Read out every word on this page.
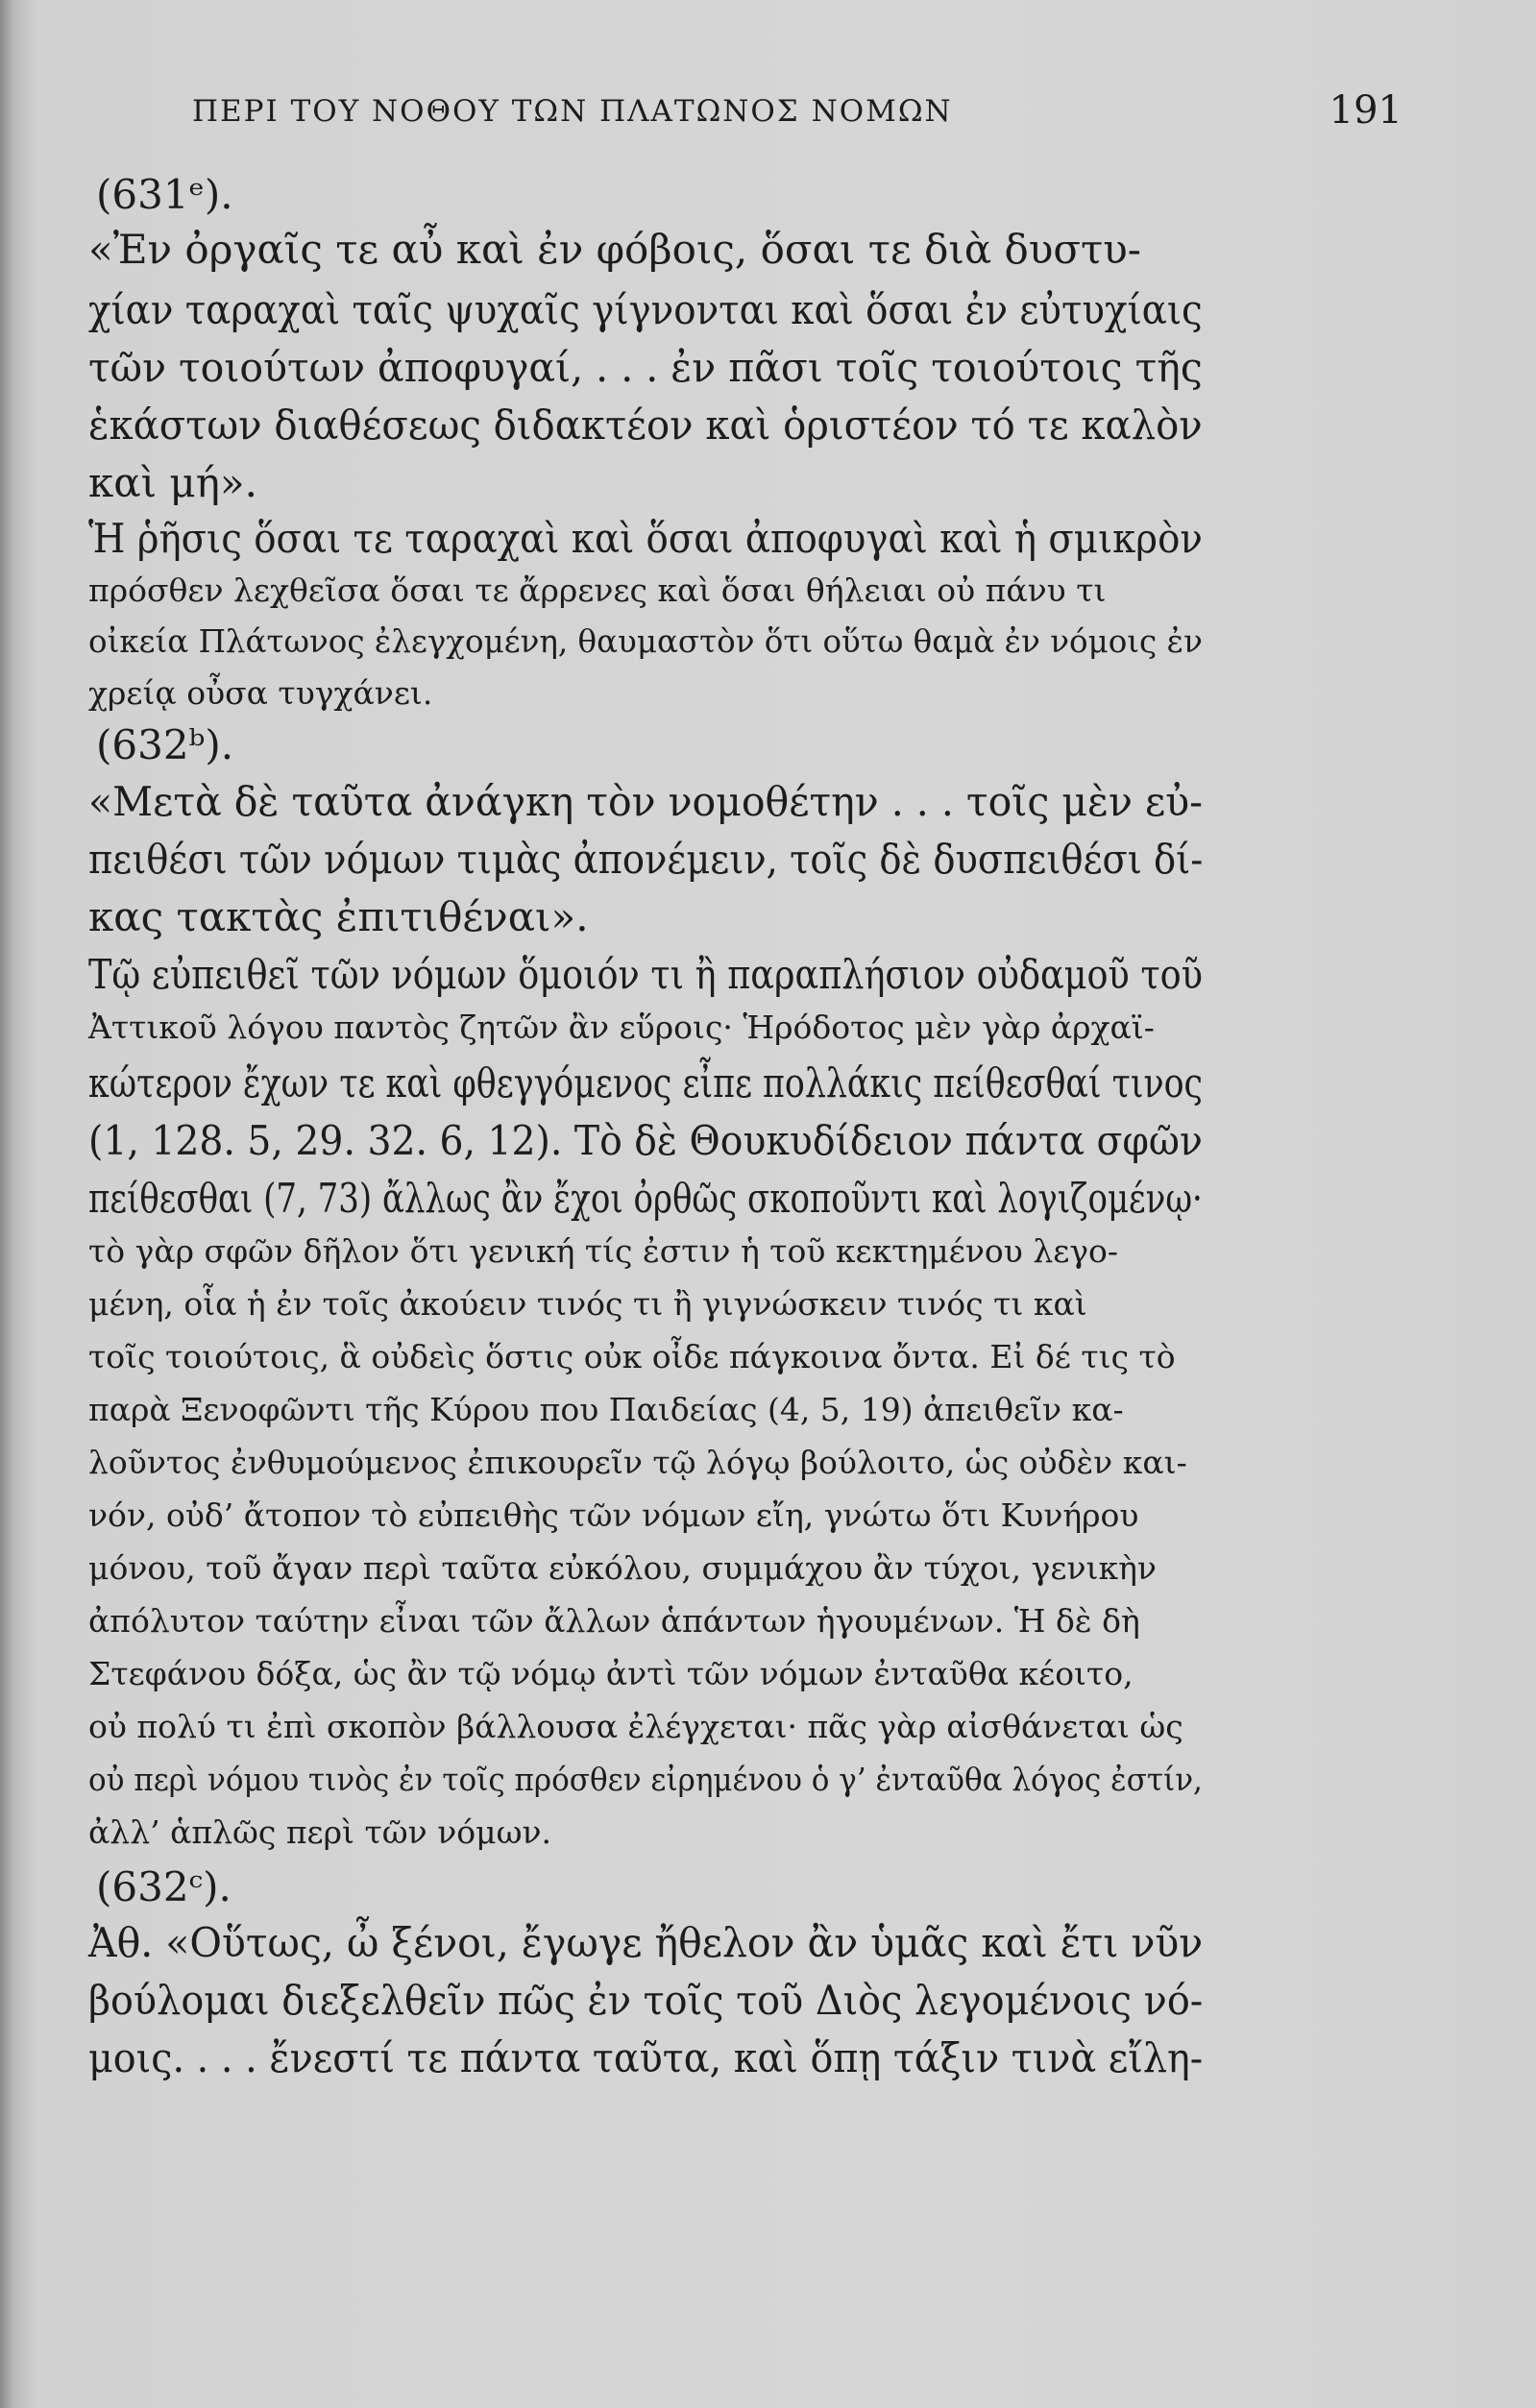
ΠΕΡΙ ΤΟΥ ΝΟΘΟΥ ΤΩΝ ΠΛΑΤΩΝΟΣ ΝΟΜΩΝ	191
(631ᵉ).
«Ἐν ὀργαῖς τε αὖ καὶ ἐν φόβοις, ὅσαι τε διὰ δυστυ-
χίαν ταραχαὶ ταῖς ψυχαῖς γίγνονται καὶ ὅσαι ἐν εὐτυχίαις
τῶν τοιούτων ἀποφυγαί, . . . ἐν πᾶσι τοῖς τοιούτοις τῆς
ἑκάστων διαθέσεως διδακτέον καὶ ὁριστέον τό τε καλὸν
καὶ μή».
Ἡ ῥῆσις ὅσαι τε ταραχαὶ καὶ ὅσαι ἀποφυγαὶ καὶ ἡ σμικρὸν
πρόσθεν λεχθεῖσα ὅσαι τε ἄρρενες καὶ ὅσαι θήλειαι οὐ πάνυ τι
οἰκεία Πλάτωνος ἐλεγχομένη, θαυμαστὸν ὅτι οὕτω θαμὰ ἐν νόμοις ἐν
χρείᾳ οὖσα τυγχάνει.
(632ᵇ).
«Μετὰ δὲ ταῦτα ἀνάγκη τὸν νομοθέτην . . . τοῖς μὲν εὐ-
πειθέσι τῶν νόμων τιμὰς ἀπονέμειν, τοῖς δὲ δυσπειθέσι δί-
κας τακτὰς ἐπιτιθέναι».
Τῷ εὐπειθεῖ τῶν νόμων ὅμοιόν τι ἢ παραπλήσιον οὐδαμοῦ τοῦ
Ἀττικοῦ λόγου παντὸς ζητῶν ἂν εὕροις· Ἡρόδοτος μὲν γὰρ ἀρχαϊ-
κώτερον ἔχων τε καὶ φθεγγόμενος εἶπε πολλάκις πείθεσθαί τινος
(1, 128. 5, 29. 32. 6, 12). Τὸ δὲ Θουκυδίδειον πάντα σφῶν
πείθεσθαι (7, 73) ἄλλως ἂν ἔχοι ὀρθῶς σκοποῦντι καὶ λογιζομένῳ·
τὸ γὰρ σφῶν δῆλον ὅτι γενική τίς ἐστιν ἡ τοῦ κεκτημένου λεγο-
μένη, οἷα ἡ ἐν τοῖς ἀκούειν τινός τι ἢ γιγνώσκειν τινός τι καὶ
τοῖς τοιούτοις, ἃ οὐδεὶς ὅστις οὐκ οἶδε πάγκοινα ὄντα. Εἰ δέ τις τὸ
παρὰ Ξενοφῶντι τῆς Κύρου που Παιδείας (4, 5, 19) ἀπειθεῖν κα-
λοῦντος ἐνθυμούμενος ἐπικουρεῖν τῷ λόγῳ βούλοιτο, ὡς οὐδὲν και-
νόν, οὐδ’ ἄτοπον τὸ εὐπειθὴς τῶν νόμων εἴη, γνώτω ὅτι Κυνήρου
μόνου, τοῦ ἄγαν περὶ ταῦτα εὐκόλου, συμμάχου ἂν τύχοι, γενικὴν
ἀπόλυτον ταύτην εἶναι τῶν ἄλλων ἁπάντων ἡγουμένων. Ἡ δὲ δὴ
Στεφάνου δόξα, ὡς ἂν τῷ νόμῳ ἀντὶ τῶν νόμων ἐνταῦθα κέοιτο,
οὐ πολύ τι ἐπὶ σκοπὸν βάλλουσα ἐλέγχεται· πᾶς γὰρ αἰσθάνεται ὡς
οὐ περὶ νόμου τινὸς ἐν τοῖς πρόσθεν εἰρημένου ὁ γ’ ἐνταῦθα λόγος ἐστίν,
ἀλλ’ ἁπλῶς περὶ τῶν νόμων.
(632ᶜ).
Ἀθ. «Οὕτως, ὦ ξένοι, ἔγωγε ἤθελον ἂν ὑμᾶς καὶ ἔτι νῦν
βούλομαι διεξελθεῖν πῶς ἐν τοῖς τοῦ Διὸς λεγομένοις νό-
μοις. . . . ἔνεστί τε πάντα ταῦτα, καὶ ὅπῃ τάξιν τινὰ εἴλη-
